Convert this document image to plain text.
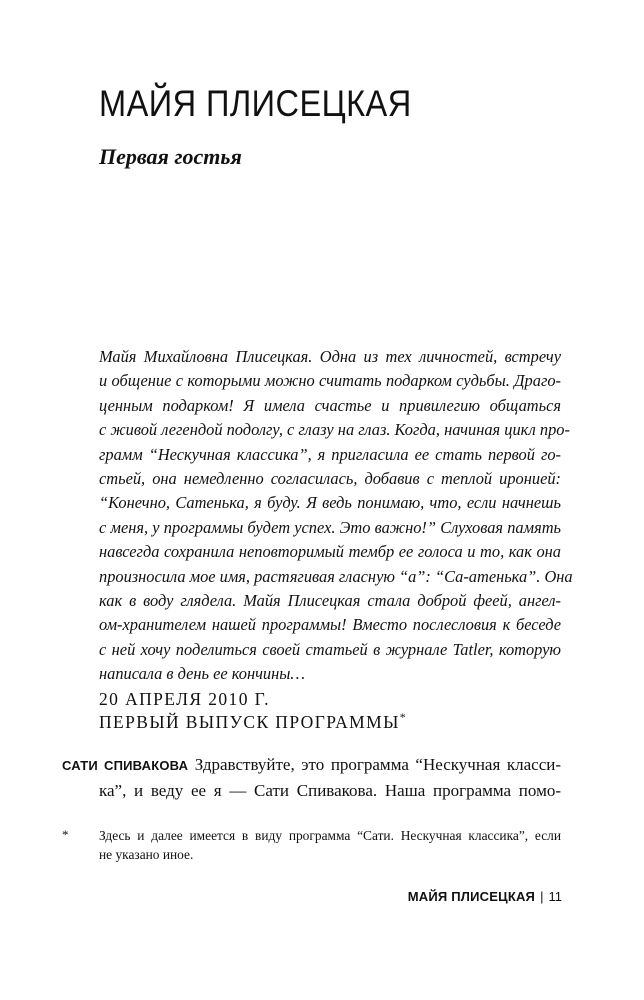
МАЙЯ ПЛИСЕЦКАЯ
Первая гостья
Майя Михайловна Плисецкая. Одна из тех личностей, встречу
и общение с которыми можно считать подарком судьбы. Драго-
ценным подарком! Я имела счастье и привилегию общаться
с живой легендой подолгу, с глазу на глаз. Когда, начиная цикл про-
грамм “Нескучная классика”, я пригласила ее стать первой го-
стьей, она немедленно согласилась, добавив с теплой иронией:
“Конечно, Сатенька, я буду. Я ведь понимаю, что, если начнешь
с меня, у программы будет успех. Это важно!” Слуховая память
навсегда сохранила неповторимый тембр ее голоса и то, как она
произносила мое имя, растягивая гласную “а”: “Са-атенька”. Она
как в воду глядела. Майя Плисецкая стала доброй феей, ангел-
ом-хранителем нашей программы! Вместо послесловия к беседе
с ней хочу поделиться своей статьей в журнале Tatler, которую
написала в день ее кончины…
20 АПРЕЛЯ 2010 Г.
ПЕРВЫЙ ВЫПУСК ПРОГРАММЫ*
САТИ СПИВАКОВА Здравствуйте, это программа “Нескучная класси-
ка”, и веду ее я — Сати Спивакова. Наша программа помо-
* Здесь и далее имеется в виду программа “Сати. Нескучная классика”, если
не указано иное.
МАЙЯ ПЛИСЕЦКАЯ | 11
